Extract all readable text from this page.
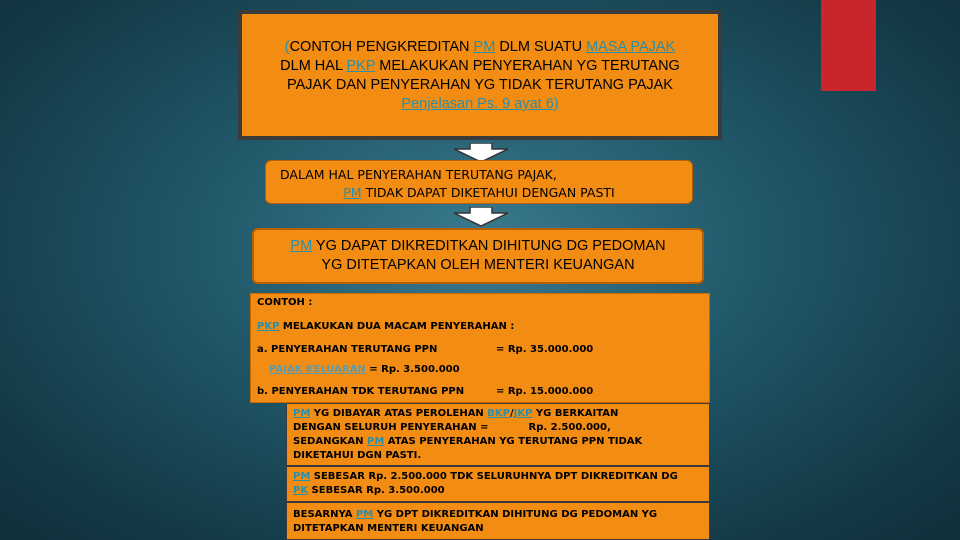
(CONTOH PENGKREDITAN PM DLM SUATU MASA PAJAK
DLM HAL PKP MELAKUKAN PENYERAHAN YG TERUTANG
PAJAK DAN PENYERAHAN YG TIDAK TERUTANG PAJAK
Penjelasan Ps. 9 ayat 6)
DALAM HAL PENYERAHAN TERUTANG PAJAK,
PM TIDAK DAPAT DIKETAHUI DENGAN PASTI
PM YG DAPAT DIKREDITKAN DIHITUNG DG PEDOMAN
YG DITETAPKAN OLEH MENTERI KEUANGAN
CONTOH :
PKP MELAKUKAN DUA MACAM PENYERAHAN :
a. PENYERAHAN TERUTANG PPN	= Rp. 35.000.000
PAJAK KELUARAN = Rp. 3.500.000
b. PENYERAHAN TDK TERUTANG PPN	= Rp. 15.000.000
PM YG DIBAYAR ATAS PEROLEHAN BKP/JKP YG BERKAITAN
DENGAN SELURUH PENYERAHAN =	Rp. 2.500.000,
SEDANGKAN PM ATAS PENYERAHAN YG TERUTANG PPN TIDAK
DIKETAHUI DGN PASTI.
PM SEBESAR Rp. 2.500.000 TDK SELURUHNYA DPT DIKREDITKAN DG
PK SEBESAR Rp. 3.500.000
BESARNYA PM YG DPT DIKREDITKAN DIHITUNG DG PEDOMAN YG
DITETAPKAN MENTERI KEUANGAN
